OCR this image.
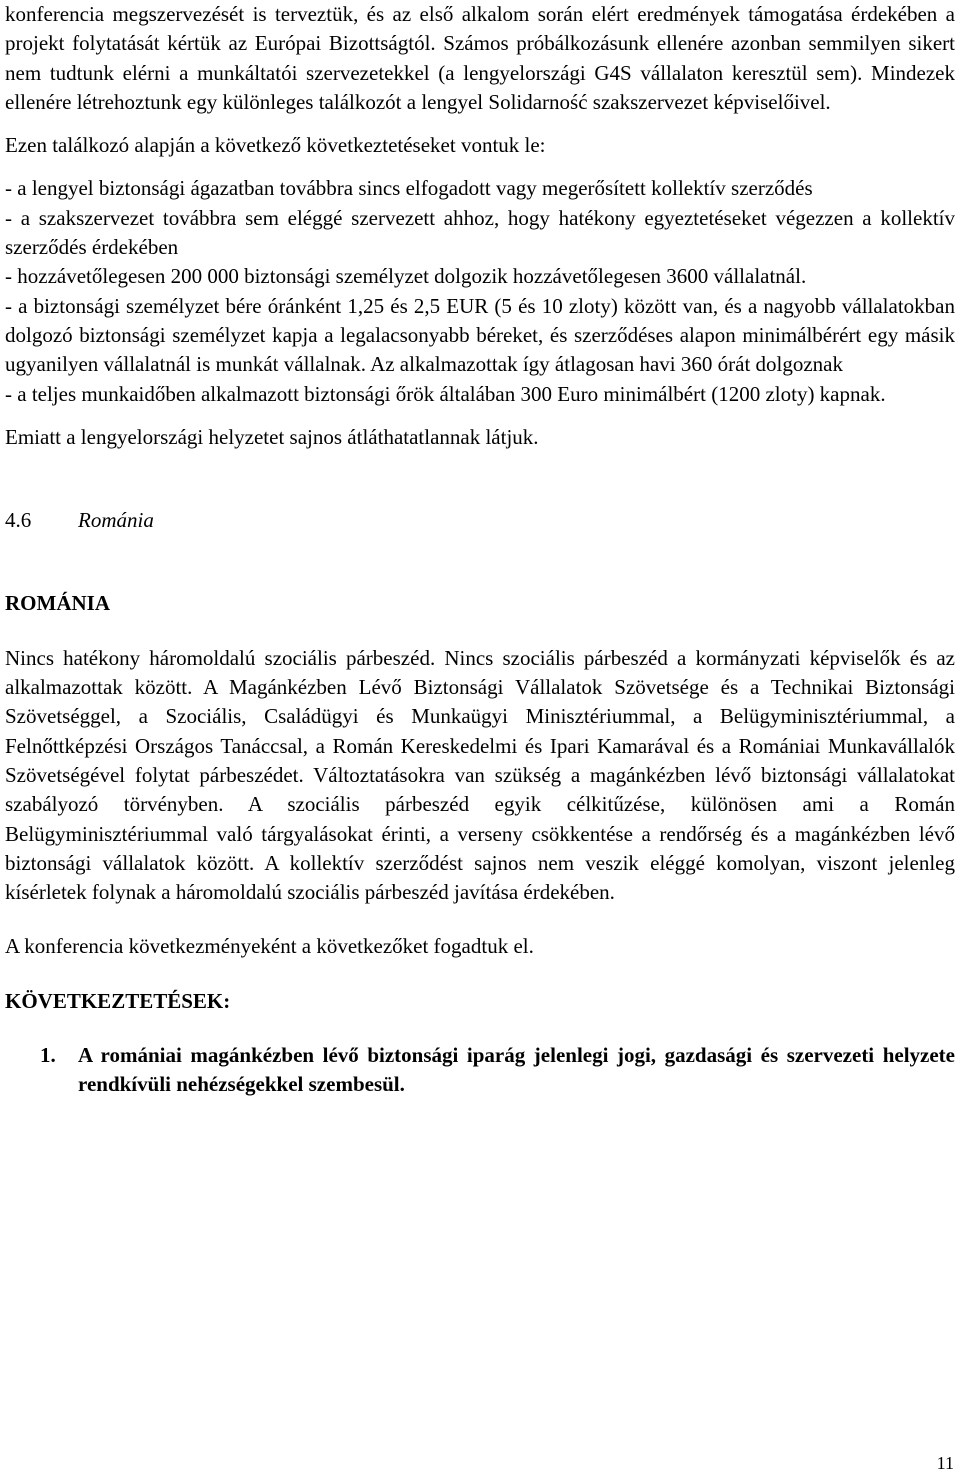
konferencia megszervezését is terveztük, és az első alkalom során elért eredmények támogatása érdekében a projekt folytatását kértük az Európai Bizottságtól. Számos próbálkozásunk ellenére azonban semmilyen sikert nem tudtunk elérni a munkáltatói szervezetekkel (a lengyelországi G4S vállalaton keresztül sem). Mindezek ellenére létrehoztunk egy különleges találkozót a lengyel Solidarność szakszervezet képviselőivel.

Ezen találkozó alapján a következő következtetéseket vontuk le:

- a lengyel biztonsági ágazatban továbbra sincs elfogadott vagy megerősített kollektív szerződés

- a szakszervezet továbbra sem eléggé szervezett ahhoz, hogy hatékony egyeztetéseket végezzen a kollektív szerződés érdekében

- hozzávetőlegesen 200 000 biztonsági személyzet dolgozik hozzávetőlegesen 3600 vállalatnál.

- a biztonsági személyzet bére óránként 1,25 és 2,5 EUR (5 és 10 zloty) között van, és a nagyobb vállalatokban dolgozó biztonsági személyzet kapja a legalacsonyabb béreket, és szerződéses alapon minimálbérért egy másik ugyanilyen vállalatnál is munkát vállalnak. Az alkalmazottak így átlagosan havi 360 órát dolgoznak

- a teljes munkaidőben alkalmazott biztonsági őrök általában 300 Euro minimálbért (1200 zloty) kapnak.

Emiatt a lengyelországi helyzetet sajnos átláthatatlannak látjuk.

4.6 Románia

ROMÁNIA

Nincs hatékony háromoldalú szociális párbeszéd. Nincs szociális párbeszéd a kormányzati képviselők és az alkalmazottak között. A Magánkézben Lévő Biztonsági Vállalatok Szövetsége és a Technikai Biztonsági Szövetséggel, a Szociális, Családügyi és Munkaügyi Minisztériummal, a Belügyminisztériummal, a Felnőttképzési Országos Tanáccsal, a Román Kereskedelmi és Ipari Kamarával és a Romániai Munkavállalók Szövetségével folytat párbeszédet. Változtatásokra van szükség a magánkézben lévő biztonsági vállalatokat szabályozó törvényben. A szociális párbeszéd egyik célkitűzése, különösen ami a Román Belügyminisztériummal való tárgyalásokat érinti, a verseny csökkentése a rendőrség és a magánkézben lévő biztonsági vállalatok között. A kollektív szerződést sajnos nem veszik eléggé komolyan, viszont jelenleg kísérletek folynak a háromoldalú szociális párbeszéd javítása érdekében.

A konferencia következményeként a következőket fogadtuk el.

KÖVETKEZTETÉSEK:

1. A romániai magánkézben lévő biztonsági iparág jelenlegi jogi, gazdasági és szervezeti helyzete rendkívüli nehézségekkel szembesül.
11
